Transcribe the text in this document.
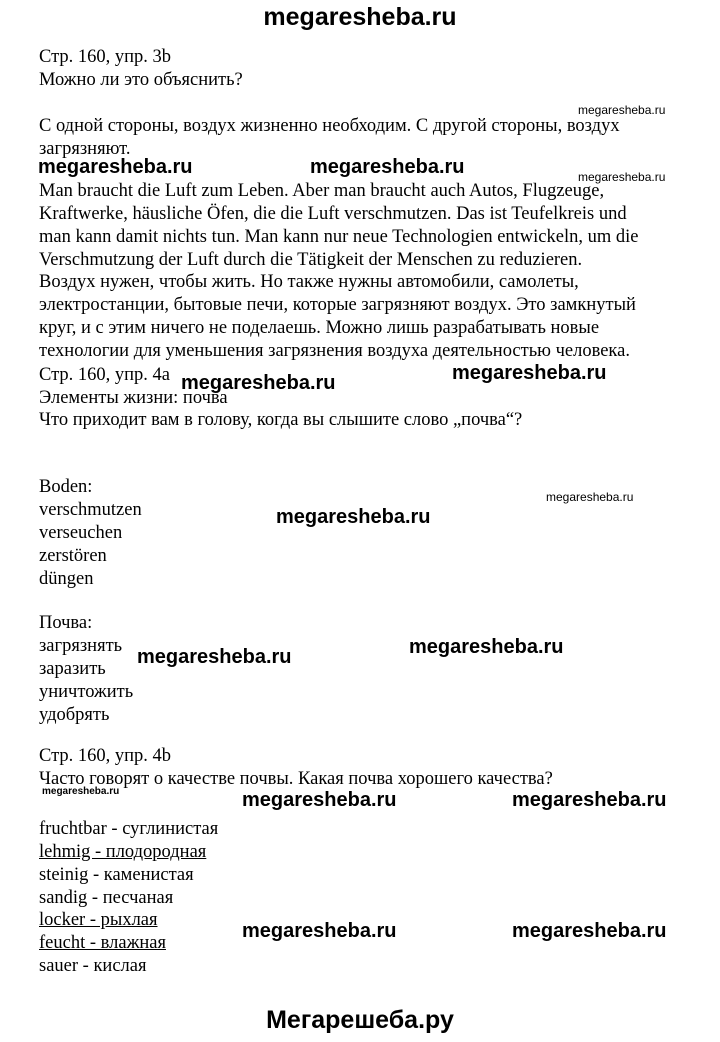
megaresheba.ru
Стр. 160, упр. 3b
Можно ли это объяснить?
С одной стороны, воздух жизненно необходим. С другой стороны, воздух
загрязняют.
Man braucht die Luft zum Leben. Aber man braucht auch Autos, Flugzeuge,
Kraftwerke, häusliche Öfen, die die Luft verschmutzen. Das ist Teufelkreis und
man kann damit nichts tun. Man kann nur neue Technologien entwickeln, um die
Verschmutzung der Luft durch die Tätigkeit der Menschen zu reduzieren.
Воздух нужен, чтобы жить. Но также нужны автомобили, самолеты,
электростанции, бытовые печи, которые загрязняют воздух. Это замкнутый
круг, и с этим ничего не поделаешь. Можно лишь разрабатывать новые
технологии для уменьшения загрязнения воздуха деятельностью человека.
Стр. 160, упр. 4a
Элементы жизни: почва
Что приходит вам в голову, когда вы слышите слово „почва“?
Boden:
verschmutzen
verseuchen
zerstören
düngen
Почва:
загрязнять
заразить
уничтожить
удобрять
Стр. 160, упр. 4b
Часто говорят о качестве почвы. Какая почва хорошего качества?
fruchtbar - суглинистая
lehmig - плодородная
steinig - каменистая
sandig - песчаная
locker - рыхлая
feucht - влажная
sauer - кислая
megaresheba.ru
megaresheba.ru	megaresheba.ru	megaresheba.ru
megaresheba.ru	megaresheba.ru
megaresheba.ru
megaresheba.ru
megaresheba.ru
megaresheba.ru
megaresheba.ru	megaresheba.ru	megaresheba.ru
megaresheba.ru	megaresheba.ru
Мегарешеба.ру
